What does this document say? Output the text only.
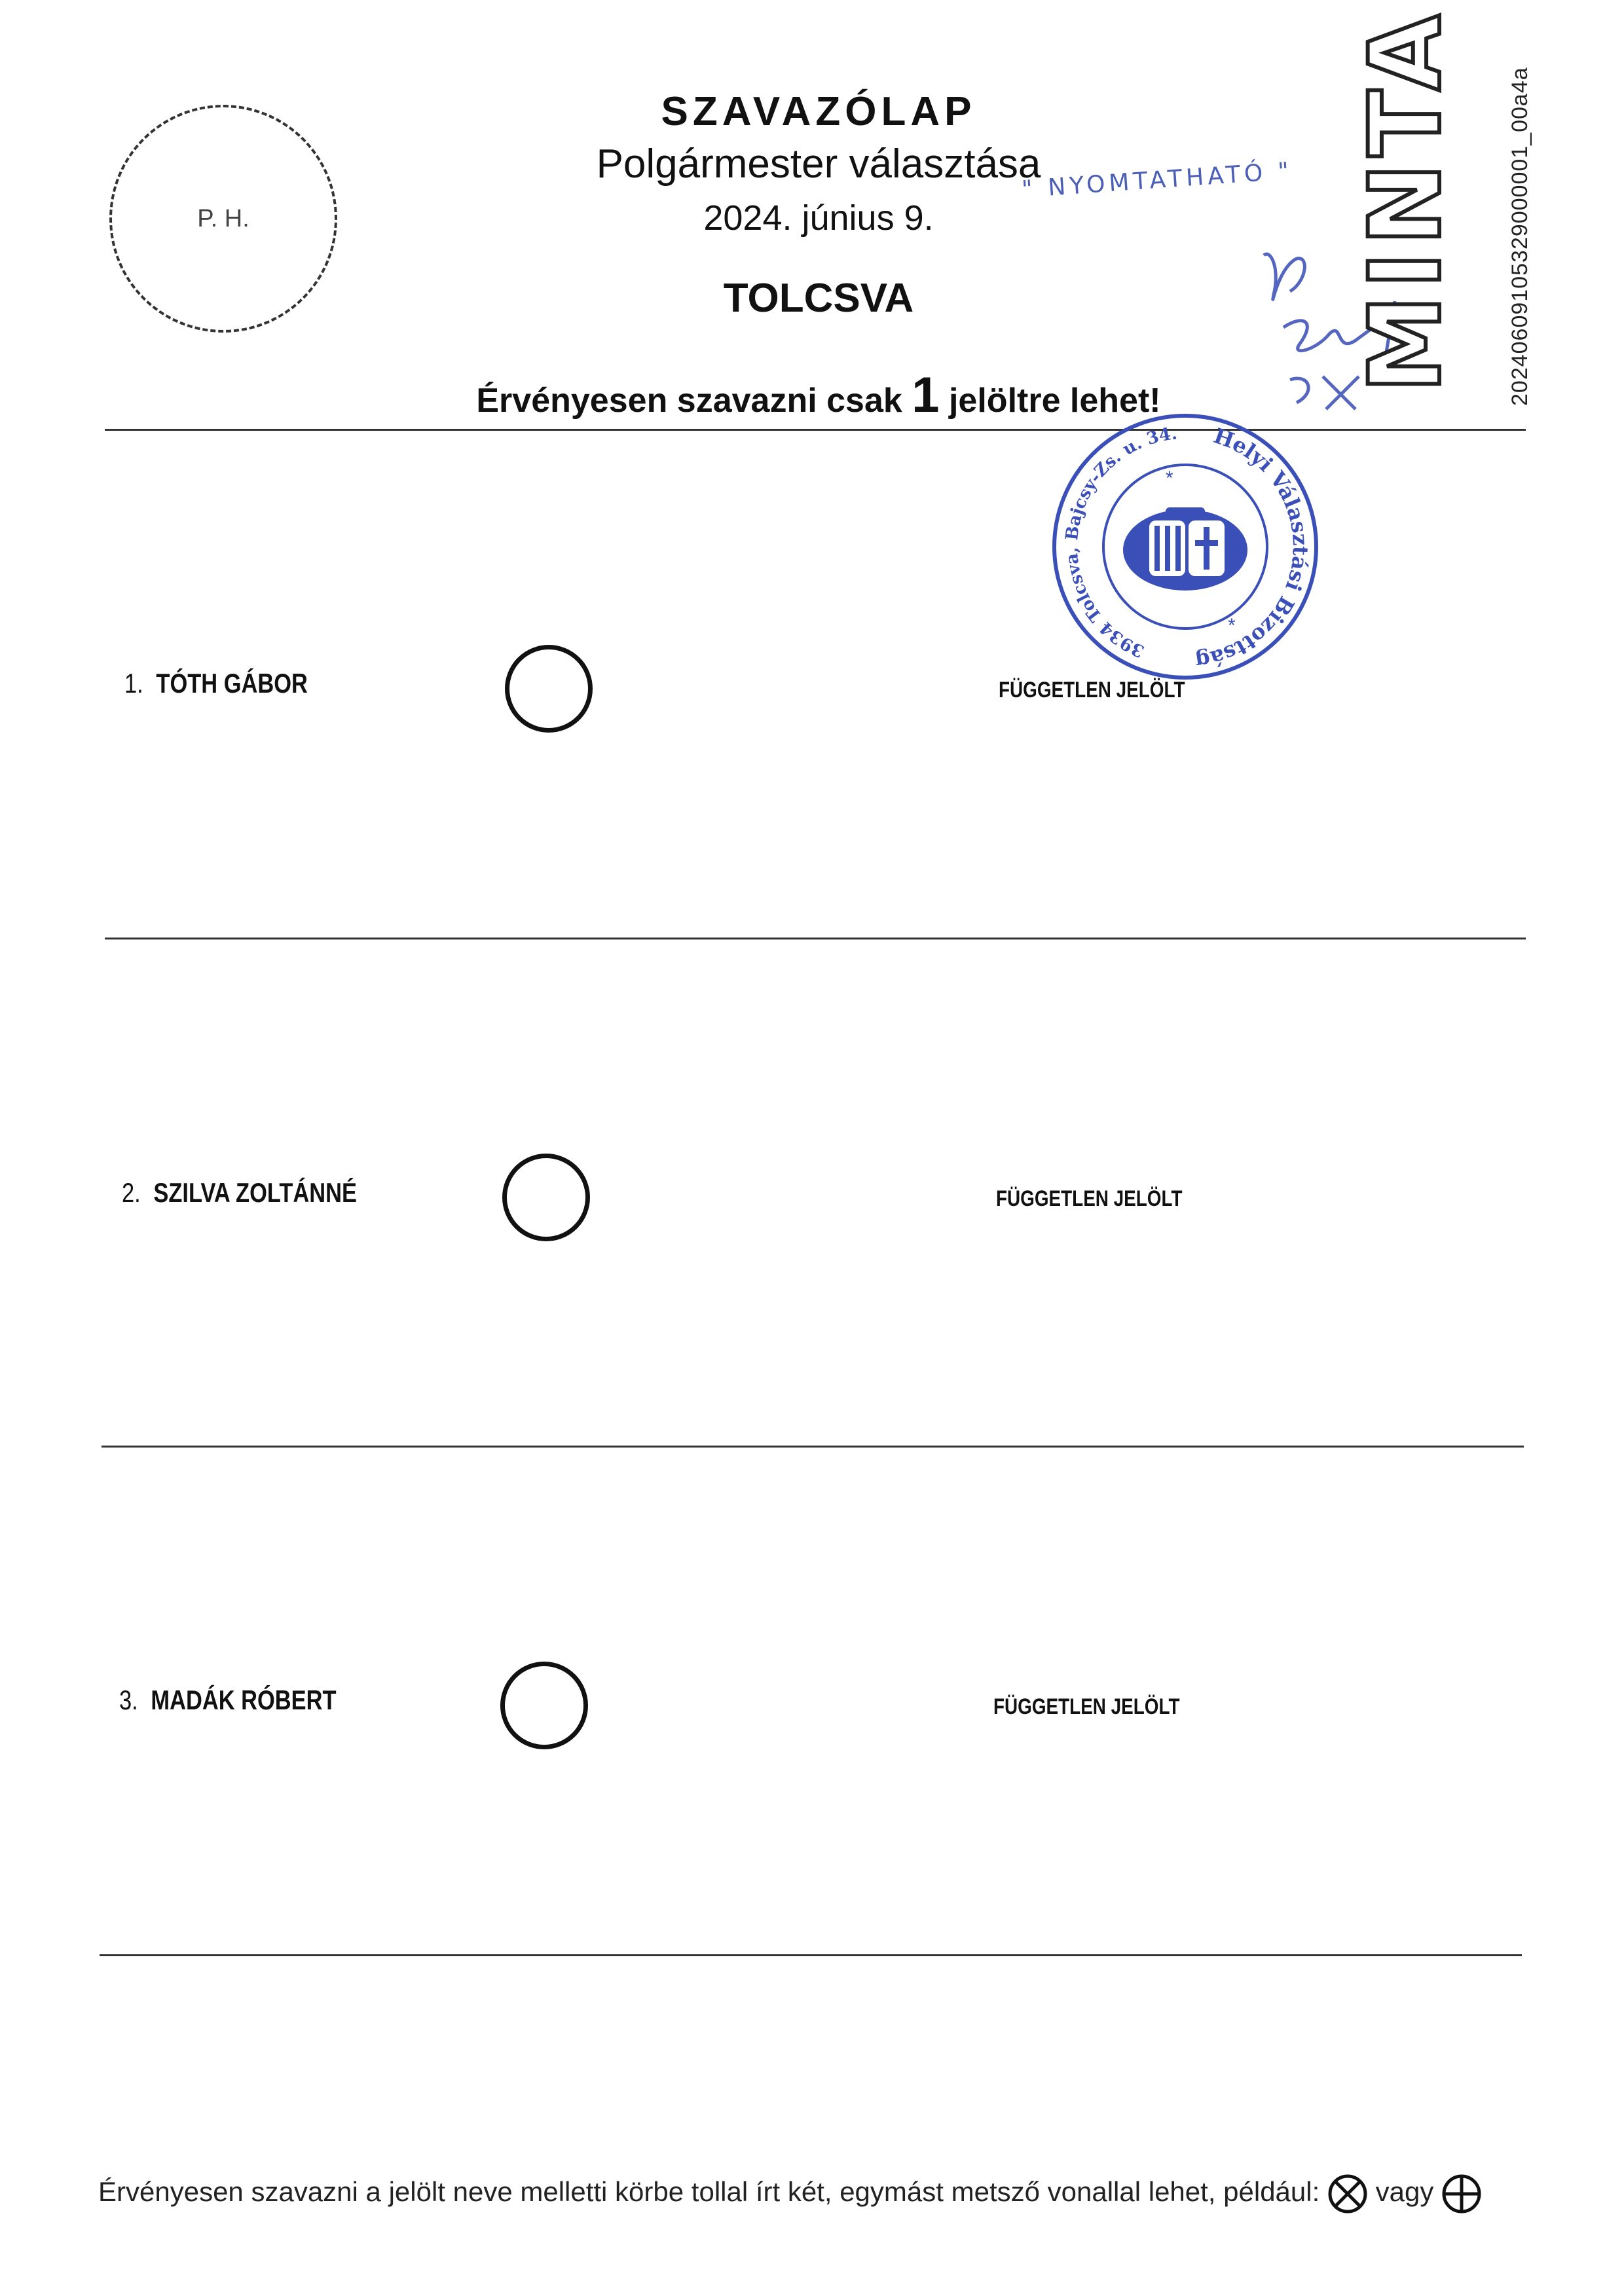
P. H.
SZAVAZÓLAP
Polgármester választása
2024. június 9.
TOLCSVA
Érvényesen szavazni csak 1 jelöltre lehet!
" NYOMTATHATÓ " MINTA 20240609105329000001_00a4a
Helyi Választási Bizottság
3934 Tolcsva, Bajcsy-Zs. u. 34.
*
*
1. TÓTH GÁBOR	FÜGGETLEN JELÖLT
2. SZILVA ZOLTÁNNÉ	FÜGGETLEN JELÖLT
3. MADÁK RÓBERT	FÜGGETLEN JELÖLT
Érvényesen szavazni a jelölt neve melletti körbe tollal írt két, egymást metsző vonallal lehet, például: vagy
